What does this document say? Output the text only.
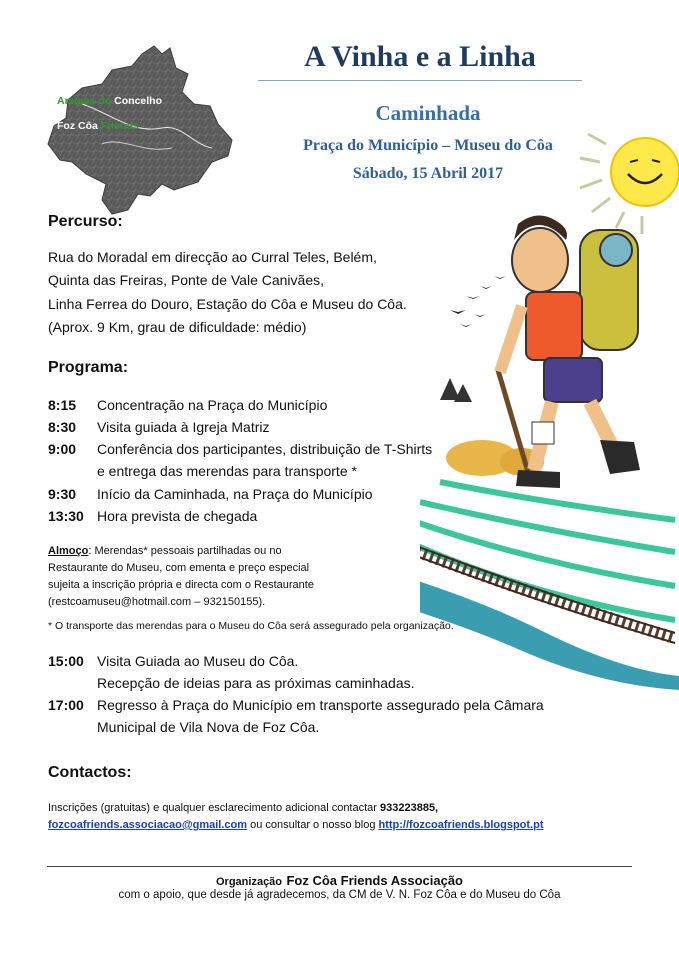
Amigos do Concelho
Foz Côa Friends
A Vinha e a Linha
Caminhada
Praça do Município – Museu do Côa
Sábado, 15 Abril 2017
Percurso:
Rua do Moradal em direcção ao Curral Teles, Belém,
Quinta das Freiras, Ponte de Vale Canivães,
Linha Ferrea do Douro, Estação do Côa e Museu do Côa.
(Aprox. 9 Km, grau de dificuldade: médio)
Programa:
8:15	Concentração na Praça do Município
8:30	Visita guiada à Igreja Matriz
9:00	Conferência dos participantes, distribuição de T-Shirts
e entrega das merendas para transporte *
9:30	Início da Caminhada, na Praça do Município
13:30 Hora prevista de chegada
Almoço: Merendas* pessoais partilhadas ou no
Restaurante do Museu, com ementa e preço especial
sujeita a inscrição própria e directa com o Restaurante
(restcoamuseu@hotmail.com – 932150155).
* O transporte das merendas para o Museu do Côa será assegurado pela organização.
15:00 Visita Guiada ao Museu do Côa.
Recepção de ideias para as próximas caminhadas.
17:00 Regresso à Praça do Município em transporte assegurado pela Câmara
Municipal de Vila Nova de Foz Côa.
Contactos:
Inscrições (gratuitas) e qualquer esclarecimento adicional contactar 933223885,
fozcoafriends.associacao@gmail.com ou consultar o nosso blog http://fozcoafriends.blogspot.pt
Organização Foz Côa Friends Associação
com o apoio, que desde já agradecemos, da CM de V. N. Foz Côa e do Museu do Côa
